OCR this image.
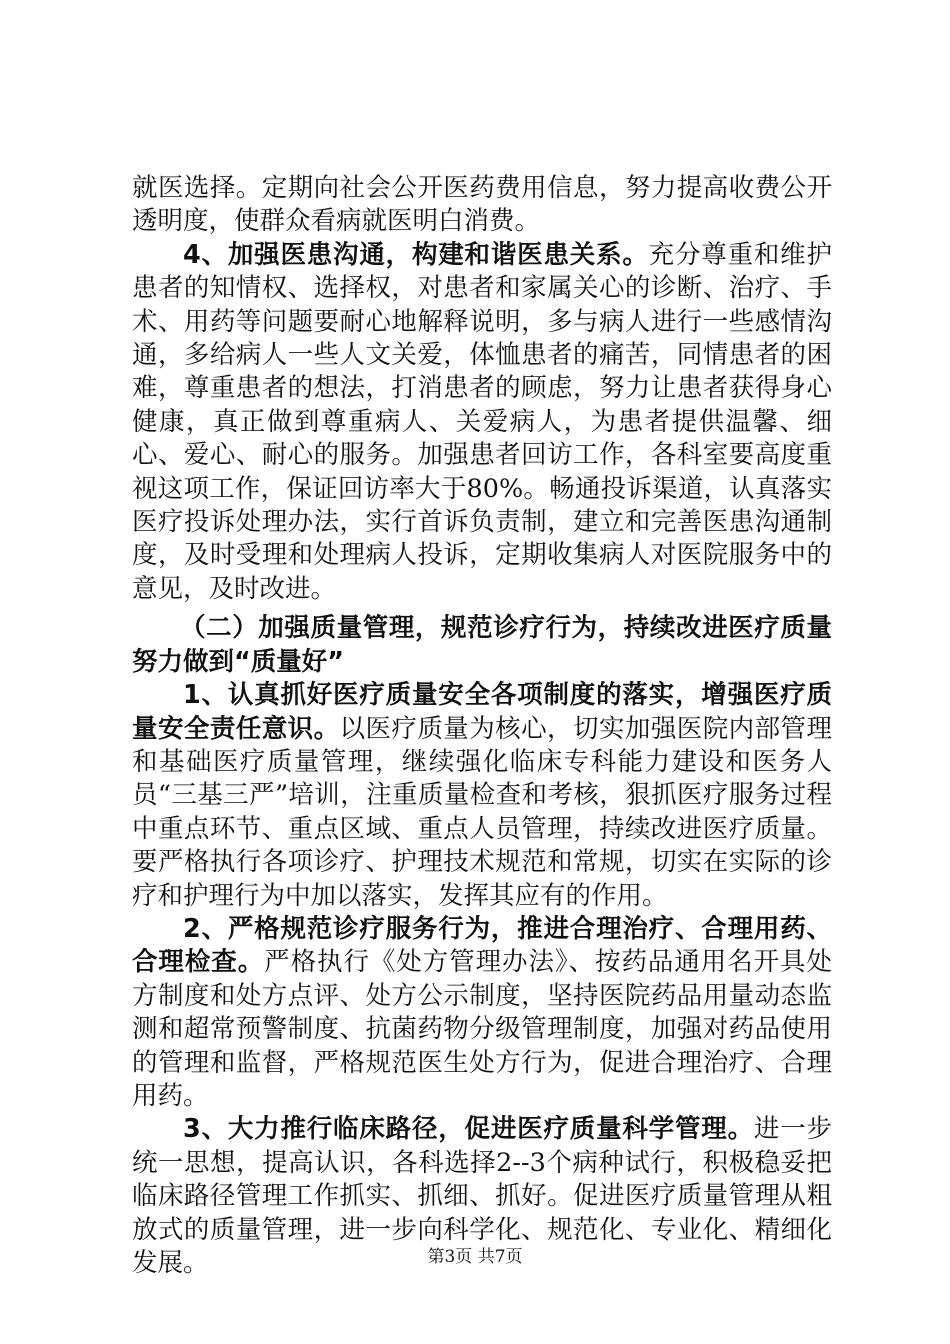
就医选择。定期向社会公开医药费用信息，努力提高收费公开透明度，使群众看病就医明白消费。

4、加强医患沟通，构建和谐医患关系。充分尊重和维护患者的知情权、选择权，对患者和家属关心的诊断、治疗、手术、用药等问题要耐心地解释说明，多与病人进行一些感情沟通，多给病人一些人文关爱，体恤患者的痛苦，同情患者的困难，尊重患者的想法，打消患者的顾虑，努力让患者获得身心健康，真正做到尊重病人、关爱病人，为患者提供温馨、细心、爱心、耐心的服务。加强患者回访工作，各科室要高度重视这项工作，保证回访率大于80%。畅通投诉渠道，认真落实医疗投诉处理办法，实行首诉负责制，建立和完善医患沟通制度，及时受理和处理病人投诉，定期收集病人对医院服务中的意见，及时改进。

（二）加强质量管理，规范诊疗行为，持续改进医疗质量努力做到“质量好”

1、认真抓好医疗质量安全各项制度的落实，增强医疗质量安全责任意识。以医疗质量为核心，切实加强医院内部管理和基础医疗质量管理，继续强化临床专科能力建设和医务人员“三基三严”培训，注重质量检查和考核，狠抓医疗服务过程中重点环节、重点区域、重点人员管理，持续改进医疗质量。要严格执行各项诊疗、护理技术规范和常规，切实在实际的诊疗和护理行为中加以落实，发挥其应有的作用。

2、严格规范诊疗服务行为，推进合理治疗、合理用药、合理检查。严格执行《处方管理办法》、按药品通用名开具处方制度和处方点评、处方公示制度，坚持医院药品用量动态监测和超常预警制度、抗菌药物分级管理制度，加强对药品使用的管理和监督，严格规范医生处方行为，促进合理治疗、合理用药。

3、大力推行临床路径，促进医疗质量科学管理。进一步统一思想，提高认识，各科选择2--3个病种试行，积极稳妥把临床路径管理工作抓实、抓细、抓好。促进医疗质量管理从粗放式的质量管理，进一步向科学化、规范化、专业化、精细化发展。	第3页 共7页
